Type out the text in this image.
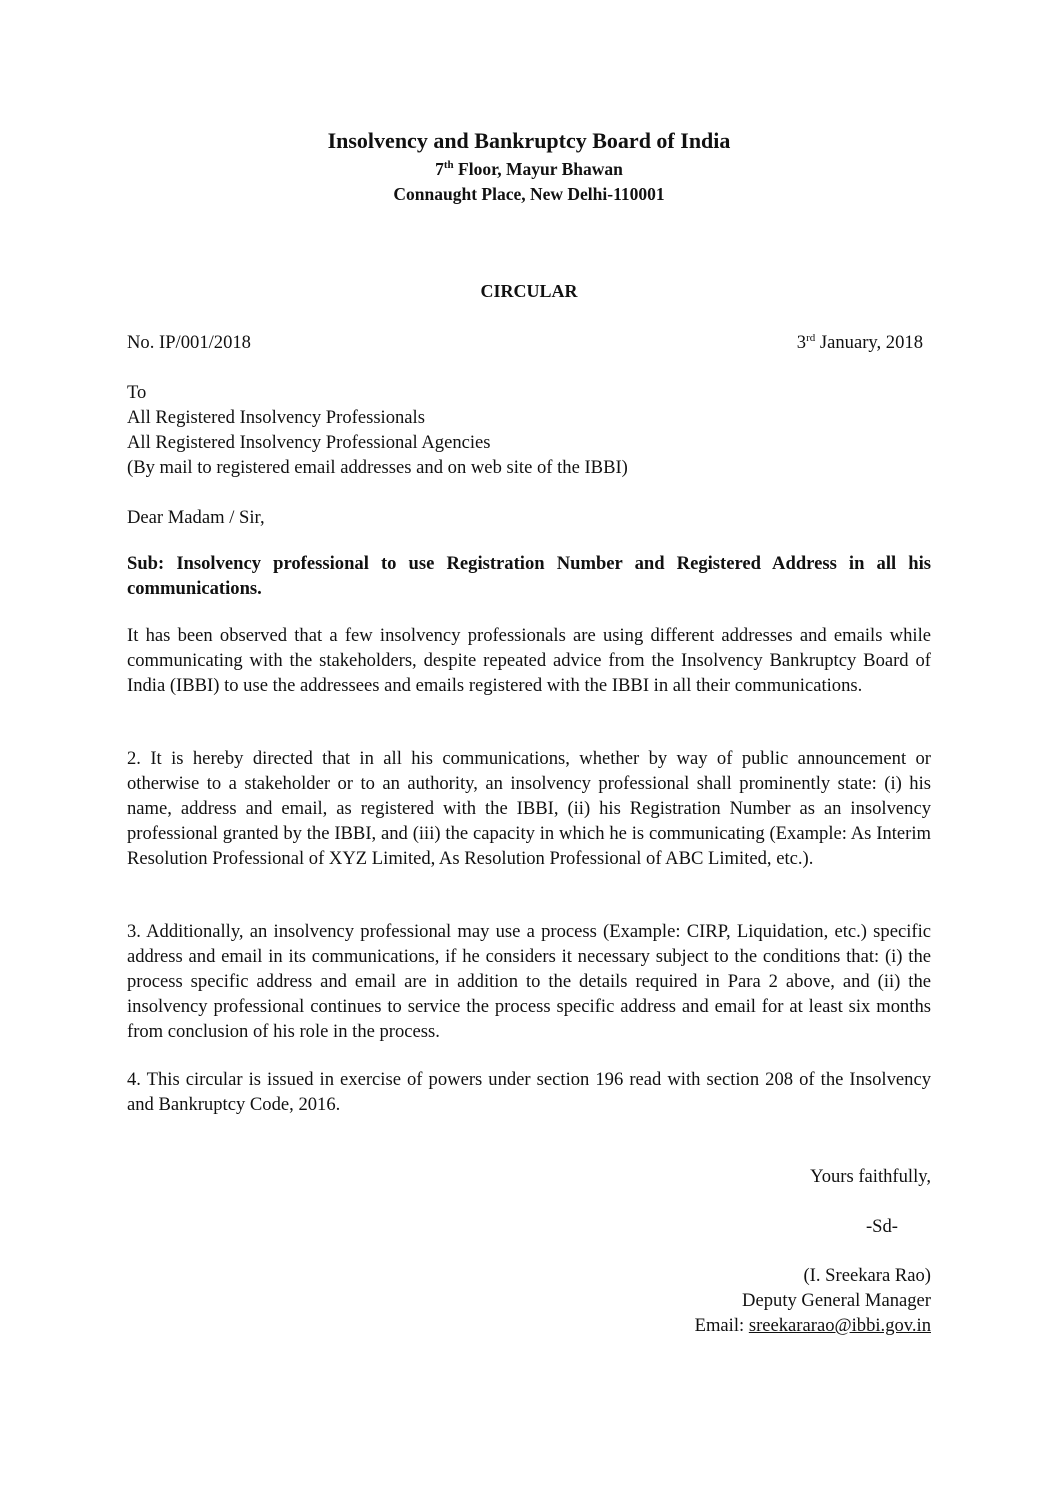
Insolvency and Bankruptcy Board of India
7th Floor, Mayur Bhawan
Connaught Place, New Delhi-110001
CIRCULAR
No. IP/001/2018	3rd January, 2018
To
All Registered Insolvency Professionals
All Registered Insolvency Professional Agencies
(By mail to registered email addresses and on web site of the IBBI)
Dear Madam / Sir,
Sub: Insolvency professional to use Registration Number and Registered Address in all his communications.
It has been observed that a few insolvency professionals are using different addresses and emails while communicating with the stakeholders, despite repeated advice from the Insolvency Bankruptcy Board of India (IBBI) to use the addressees and emails registered with the IBBI in all their communications.
2. It is hereby directed that in all his communications, whether by way of public announcement or otherwise to a stakeholder or to an authority, an insolvency professional shall prominently state: (i) his name, address and email, as registered with the IBBI, (ii) his Registration Number as an insolvency professional granted by the IBBI, and (iii) the capacity in which he is communicating (Example: As Interim Resolution Professional of XYZ Limited, As Resolution Professional of ABC Limited, etc.).
3. Additionally, an insolvency professional may use a process (Example: CIRP, Liquidation, etc.) specific address and email in its communications, if he considers it necessary subject to the conditions that: (i) the process specific address and email are in addition to the details required in Para 2 above, and (ii) the insolvency professional continues to service the process specific address and email for at least six months from conclusion of his role in the process.
4. This circular is issued in exercise of powers under section 196 read with section 208 of the Insolvency and Bankruptcy Code, 2016.
Yours faithfully,
-Sd-
(I. Sreekara Rao)
Deputy General Manager
Email: sreekararao@ibbi.gov.in
